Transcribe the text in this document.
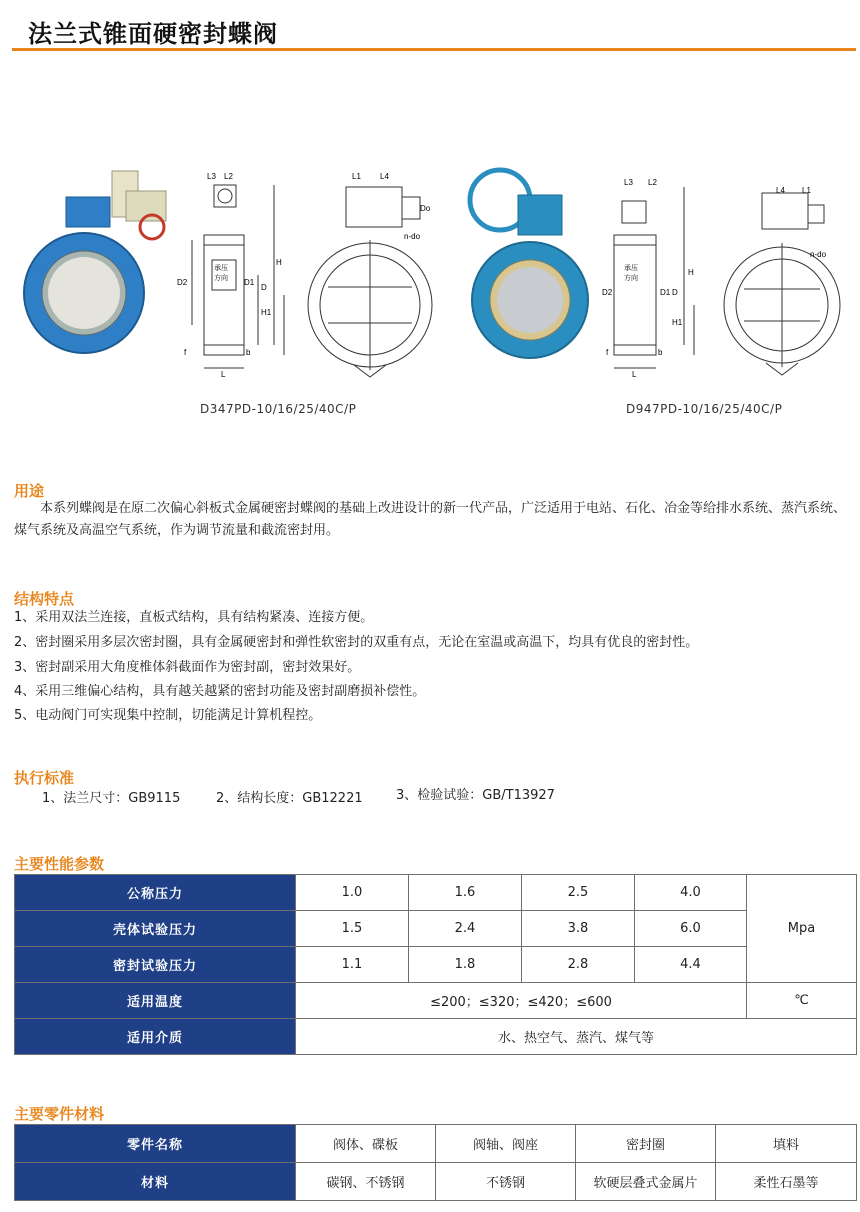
法兰式锥面硬密封蝶阀
L3 L2
D2	D1
D
H
H1
f	b
L
承压
方向
L1 L4
Do
n-do
L3 L2
D2	D1 D
H
H1
f	b
L
承压
方向
L4 L1
n-do
D347PD-10/16/25/40C/P	D947PD-10/16/25/40C/P
用途
本系列蝶阀是在原二次偏心斜板式金属硬密封蝶阀的基础上改进设计的新一代产品，广泛适用于电站、石化、冶金等给排水系统、蒸汽系统、煤气系统及高温空气系统，作为调节流量和截流密封用。
结构特点
1、采用双法兰连接，直板式结构，具有结构紧凑、连接方便。
2、密封圈采用多层次密封圈，具有金属硬密封和弹性软密封的双重有点，无论在室温或高温下，均具有优良的密封性。
3、密封副采用大角度椎体斜截面作为密封副，密封效果好。
4、采用三维偏心结构，具有越关越紧的密封功能及密封副磨损补偿性。
5、电动阀门可实现集中控制，切能满足计算机程控。
执行标准
1、法兰尺寸：GB9115	2、结构长度：GB12221	3、检验试验：GB/T13927
主要性能参数
公称压力	1.0	1.6	2.5	4.0	Mpa
壳体试验压力	1.5	2.4	3.8	6.0	
密封试验压力	1.1	1.8	2.8	4.4	
适用温度	≤200；≤320；≤420；≤600				℃
适用介质	水、热空气、蒸汽、煤气等				
主要零件材料
零件名称	阀体、碟板	阀轴、阀座	密封圈	填料
材料	碳钢、不锈钢	不锈钢	软硬层叠式金属片	柔性石墨等
